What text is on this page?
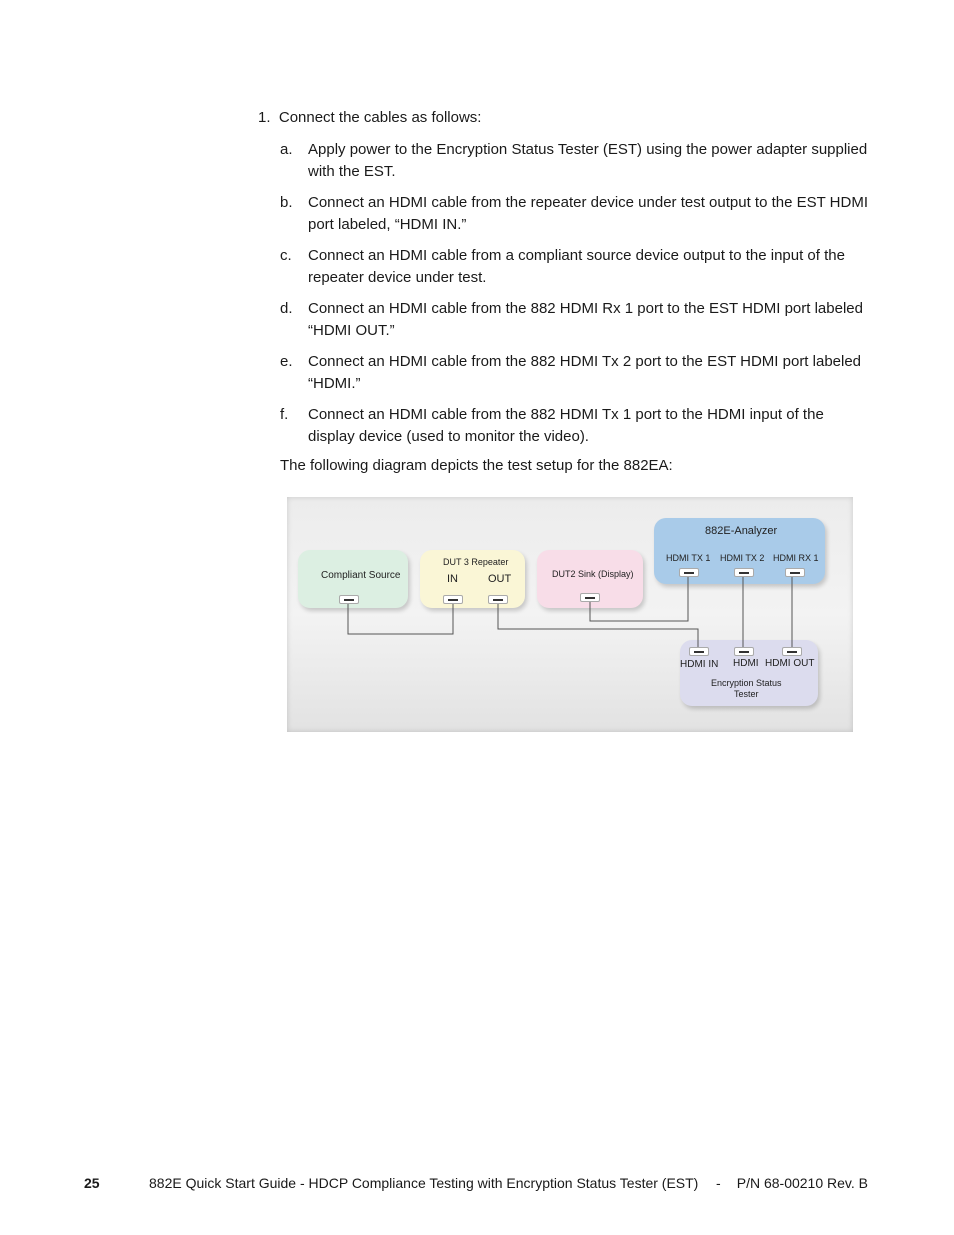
1. Connect the cables as follows:

a.	Apply power to the Encryption Status Tester (EST) using the power adapter supplied with the EST.
b.	Connect an HDMI cable from the repeater device under test output to the EST HDMI port labeled, “HDMI IN.”
c.	Connect an HDMI cable from a compliant source device output to the input of the repeater device under test.
d.	Connect an HDMI cable from the 882 HDMI Rx 1 port to the EST HDMI port labeled “HDMI OUT.”
e.	Connect an HDMI cable from the 882 HDMI Tx 2 port to the EST HDMI port labeled “HDMI.”
f.	Connect an HDMI cable from the 882 HDMI Tx 1 port to the HDMI input of the display device (used to monitor the video).

The following diagram depicts the test setup for the 882EA:

Compliant Source
DUT 3 Repeater
IN	OUT	DUT2 Sink (Display)
882E-Analyzer
HDMI TX 1 HDMI TX 2 HDMI RX 1
HDMI IN HDMI HDMI OUT
Encryption Status
Tester
25	882E Quick Start Guide - HDCP Compliance Testing with Encryption Status Tester (EST) - P/N 68-00210 Rev. B
